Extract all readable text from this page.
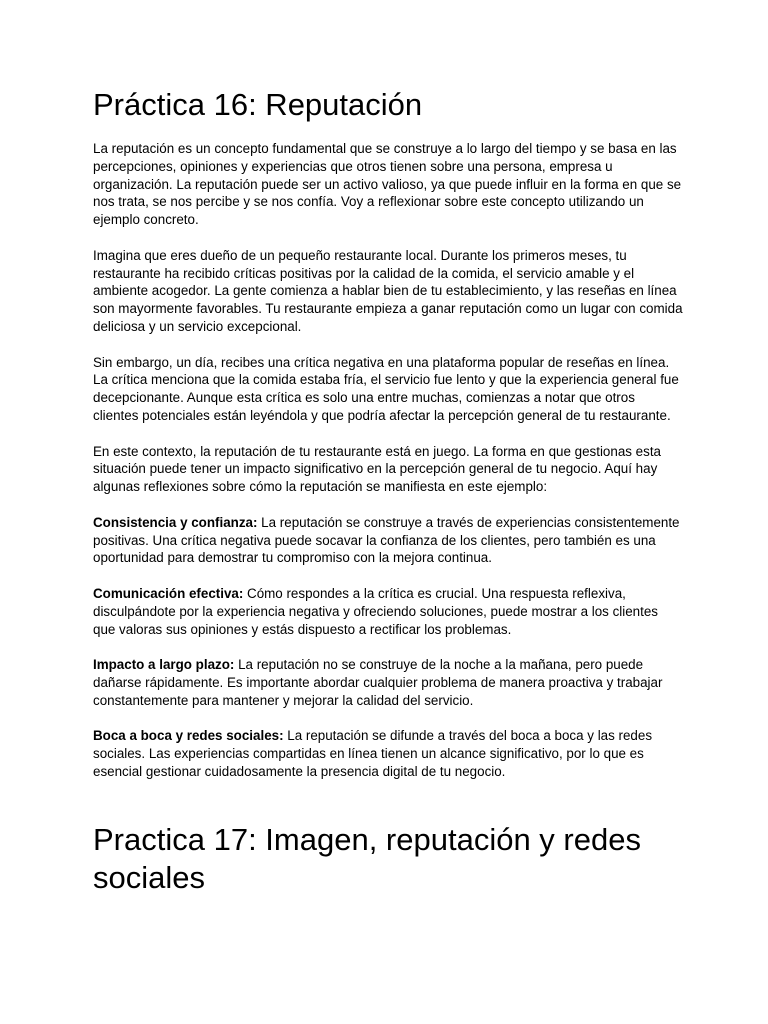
Práctica 16: Reputación

La reputación es un concepto fundamental que se construye a lo largo del tiempo y se basa en las percepciones, opiniones y experiencias que otros tienen sobre una persona, empresa u organización. La reputación puede ser un activo valioso, ya que puede influir en la forma en que se nos trata, se nos percibe y se nos confía. Voy a reflexionar sobre este concepto utilizando un ejemplo concreto.

Imagina que eres dueño de un pequeño restaurante local. Durante los primeros meses, tu restaurante ha recibido críticas positivas por la calidad de la comida, el servicio amable y el ambiente acogedor. La gente comienza a hablar bien de tu establecimiento, y las reseñas en línea son mayormente favorables. Tu restaurante empieza a ganar reputación como un lugar con comida deliciosa y un servicio excepcional.

Sin embargo, un día, recibes una crítica negativa en una plataforma popular de reseñas en línea. La crítica menciona que la comida estaba fría, el servicio fue lento y que la experiencia general fue decepcionante. Aunque esta crítica es solo una entre muchas, comienzas a notar que otros clientes potenciales están leyéndola y que podría afectar la percepción general de tu restaurante.

En este contexto, la reputación de tu restaurante está en juego. La forma en que gestionas esta situación puede tener un impacto significativo en la percepción general de tu negocio. Aquí hay algunas reflexiones sobre cómo la reputación se manifiesta en este ejemplo:

Consistencia y confianza: La reputación se construye a través de experiencias consistentemente positivas. Una crítica negativa puede socavar la confianza de los clientes, pero también es una oportunidad para demostrar tu compromiso con la mejora continua.

Comunicación efectiva: Cómo respondes a la crítica es crucial. Una respuesta reflexiva, disculpándote por la experiencia negativa y ofreciendo soluciones, puede mostrar a los clientes que valoras sus opiniones y estás dispuesto a rectificar los problemas.

Impacto a largo plazo: La reputación no se construye de la noche a la mañana, pero puede dañarse rápidamente. Es importante abordar cualquier problema de manera proactiva y trabajar constantemente para mantener y mejorar la calidad del servicio.

Boca a boca y redes sociales: La reputación se difunde a través del boca a boca y las redes sociales. Las experiencias compartidas en línea tienen un alcance significativo, por lo que es esencial gestionar cuidadosamente la presencia digital de tu negocio.

Practica 17: Imagen, reputación y redes sociales
